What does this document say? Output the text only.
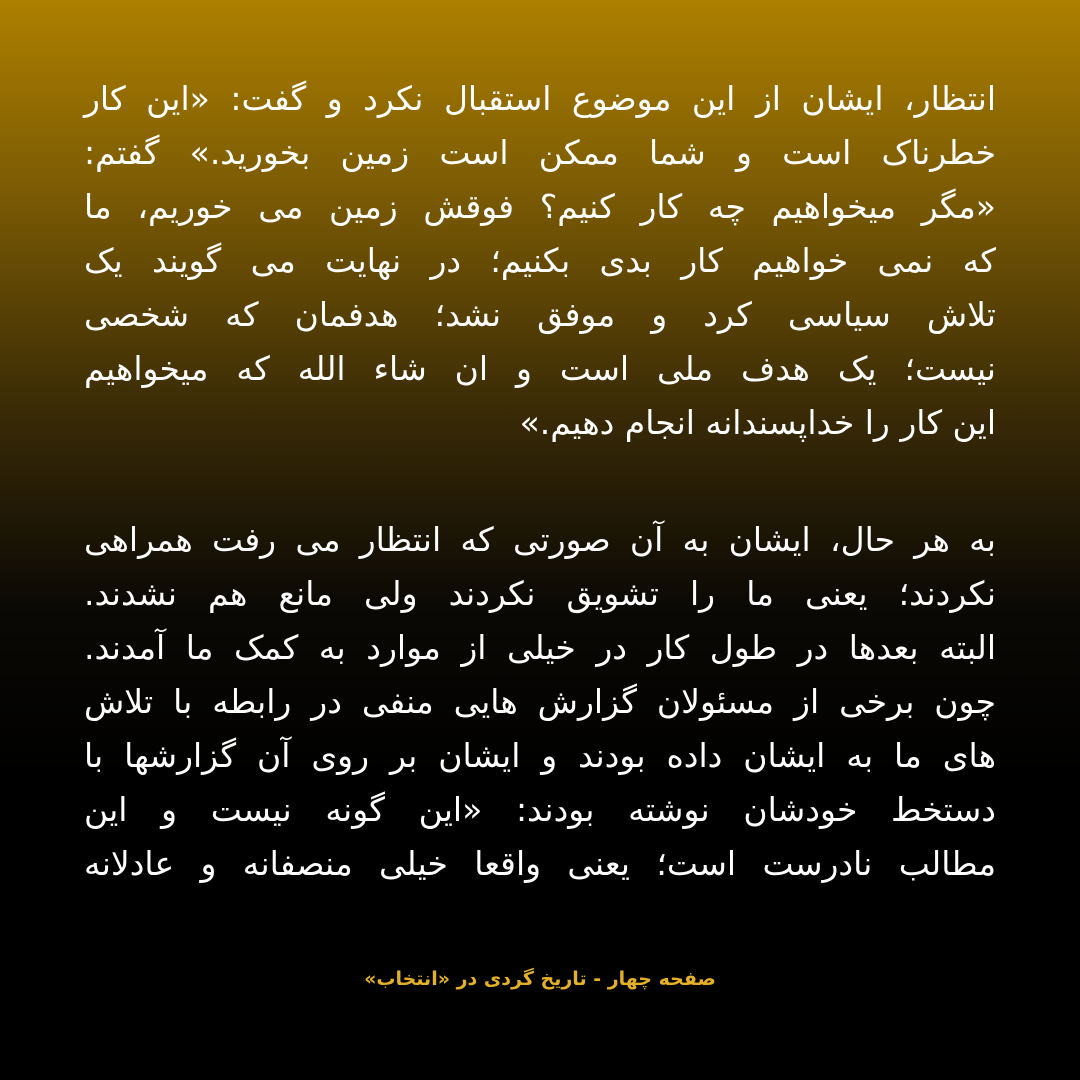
انتظار، ایشان از این موضوع استقبال نکرد و گفت: «این کار
خطرناک است و شما ممکن است زمین بخورید.» گفتم:
«مگر میخواهیم چه کار کنیم؟ فوقش زمین می خوریم، ما
که نمی خواهیم کار بدی بکنیم؛ در نهایت می گویند یک
تلاش سیاسی کرد و موفق نشد؛ هدفمان که شخصی
نیست؛ یک هدف ملی است و ان شاء الله که میخواهیم
این کار را خداپسندانه انجام دهیم.»
به هر حال، ایشان به آن صورتی که انتظار می رفت همراهی
نکردند؛ یعنی ما را تشویق نکردند ولی مانع هم نشدند.
البته بعدها در طول کار در خیلی از موارد به کمک ما آمدند.
چون برخی از مسئولان گزارش هایی منفی در رابطه با تلاش
های ما به ایشان داده بودند و ایشان بر روی آن گزارشها با
دستخط خودشان نوشته بودند: «این گونه نیست و این
مطالب نادرست است؛ یعنی واقعا خیلی منصفانه و عادلانه
صفحه چهار - تاریخ گردی در «انتخاب»
